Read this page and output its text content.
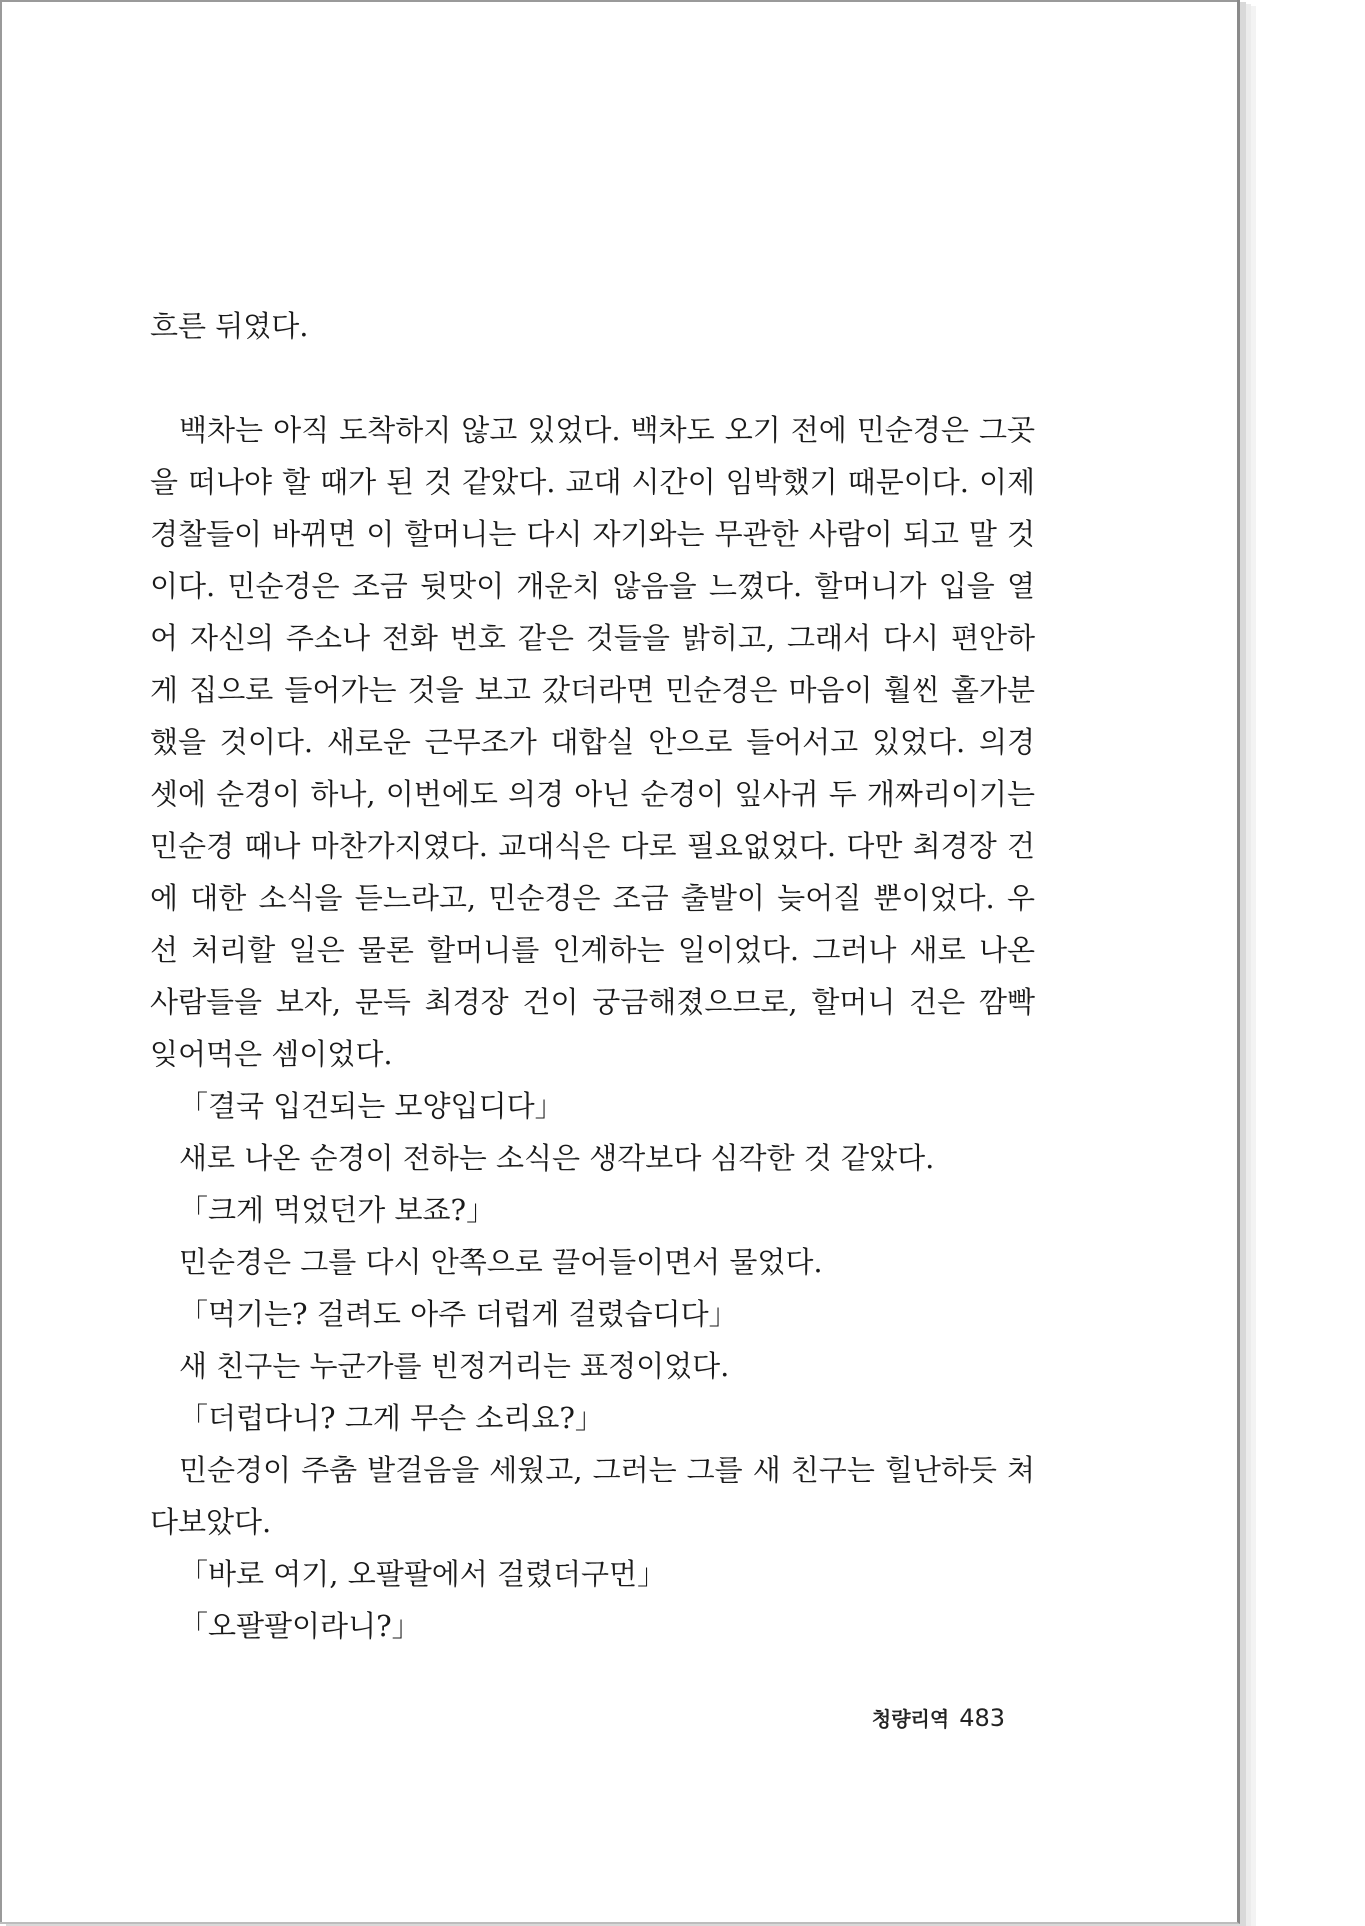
흐른 뒤였다.

백차는 아직 도착하지 않고 있었다. 백차도 오기 전에 민순경은 그곳을 떠나야 할 때가 된 것 같았다. 교대 시간이 임박했기 때문이다. 이제 경찰들이 바뀌면 이 할머니는 다시 자기와는 무관한 사람이 되고 말 것이다. 민순경은 조금 뒷맛이 개운치 않음을 느꼈다. 할머니가 입을 열어 자신의 주소나 전화 번호 같은 것들을 밝히고, 그래서 다시 편안하게 집으로 들어가는 것을 보고 갔더라면 민순경은 마음이 훨씬 홀가분했을 것이다. 새로운 근무조가 대합실 안으로 들어서고 있었다. 의경 셋에 순경이 하나, 이번에도 의경 아닌 순경이 잎사귀 두 개짜리이기는 민순경 때나 마찬가지였다. 교대식은 다로 필요없었다. 다만 최경장 건에 대한 소식을 듣느라고, 민순경은 조금 출발이 늦어질 뿐이었다. 우선 처리할 일은 물론 할머니를 인계하는 일이었다. 그러나 새로 나온 사람들을 보자, 문득 최경장 건이 궁금해졌으므로, 할머니 건은 깜빡 잊어먹은 셈이었다.

「결국 입건되는 모양입디다」
새로 나온 순경이 전하는 소식은 생각보다 심각한 것 같았다.
「크게 먹었던가 보죠?」
민순경은 그를 다시 안쪽으로 끌어들이면서 물었다.
「먹기는? 걸려도 아주 더럽게 걸렸습디다」
새 친구는 누군가를 빈정거리는 표정이었다.
「더럽다니? 그게 무슨 소리요?」

민순경이 주춤 발걸음을 세웠고, 그러는 그를 새 친구는 힐난하듯 쳐다보았다.

「바로 여기, 오팔팔에서 걸렸더구먼」
「오팔팔이라니?」
청량리역 483
